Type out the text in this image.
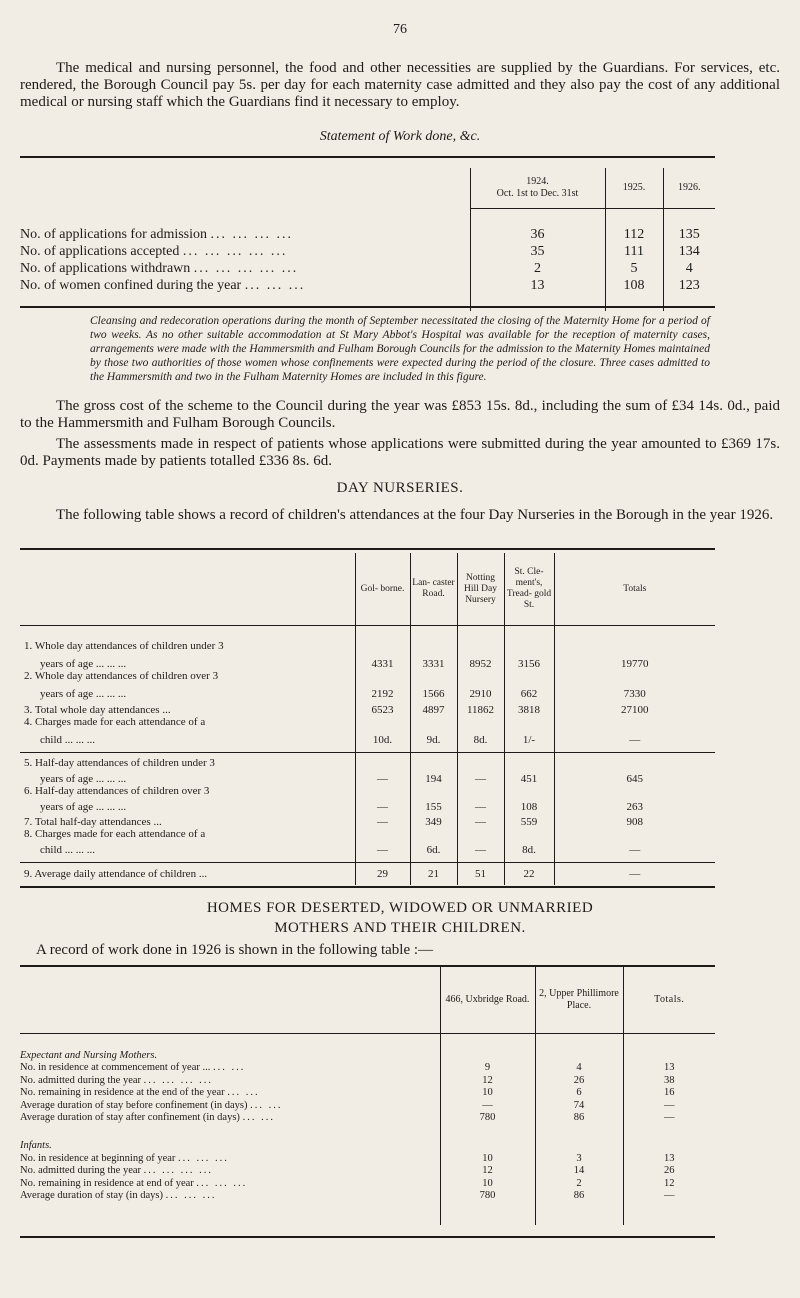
76
The medical and nursing personnel, the food and other necessities are supplied by the Guardians. For services, etc. rendered, the Borough Council pay 5s. per day for each maternity case admitted and they also pay the cost of any additional medical or nursing staff which the Guardians find it necessary to employ.
Statement of Work done, &c.

	1924.
Oct. 1st to Dec. 31st	1925.	1926.

No. of applications for admission ... ... ... ...	36	112	135
No. of applications accepted ... ... ... ... ...	35	111	134
No. of applications withdrawn ... ... ... ... ...	2	5	4
No. of women confined during the year ... ... ...	13	108	123

Cleansing and redecoration operations during the month of September necessitated the closing of the Maternity Home for a period of two weeks. As no other suitable accommodation at St Mary Abbot's Hospital was available for the reception of maternity cases, arrangements were made with the Hammersmith and Fulham Borough Councils for the admission to the Maternity Homes maintained by those two authorities of those women whose confinements were expected during the period of the closure. Three cases admitted to the Hammersmith and two in the Fulham Maternity Homes are included in this figure.
The gross cost of the scheme to the Council during the year was £853 15s. 8d., including the sum of £34 14s. 0d., paid to the Hammersmith and Fulham Borough Councils.
The assessments made in respect of patients whose applications were submitted during the year amounted to £369 17s. 0d. Payments made by patients totalled £336 8s. 6d.
DAY NURSERIES.
The following table shows a record of children's attendances at the four Day Nurseries in the Borough in the year 1926.
	Gol- borne.	Lan- caster Road.	Notting Hill Day Nursery	St. Cle- ment's, Tread- gold St.	Totals

1. Whole day attendances of children under 3					
years of age ... ... ...	4331	3331	8952	3156	19770
2. Whole day attendances of children over 3					
years of age ... ... ...	2192	1566	2910	662	7330
3. Total whole day attendances ...	6523	4897	11862	3818	27100
4. Charges made for each attendance of a					
child ... ... ...	10d.	9d.	8d.	1/-	—

5. Half-day attendances of children under 3					
years of age ... ... ...	—	194	—	451	645
6. Half-day attendances of children over 3					
years of age ... ... ...	—	155	—	108	263
7. Total half-day attendances ...	—	349	—	559	908
8. Charges made for each attendance of a					
child ... ... ...	—	6d.	—	8d.	—

9. Average daily attendance of children ...	29	21	51	22	—
HOMES FOR DESERTED, WIDOWED OR UNMARRIED
MOTHERS AND THEIR CHILDREN.
A record of work done in 1926 is shown in the following table :—
	466, Uxbridge Road.	2, Upper Phillimore Place.	Totals.

Expectant and Nursing Mothers.			
No. in residence at commencement of year ... ... ...	9	4	13
No. admitted during the year ... ... ... ...	12	26	38
No. remaining in residence at the end of the year ... ...	10	6	16
Average duration of stay before confinement (in days) ... ...	—	74	—
Average duration of stay after confinement (in days) ... ...	780	86	—

Infants.			
No. in residence at beginning of year ... ... ...	10	3	13
No. admitted during the year ... ... ... ...	12	14	26
No. remaining in residence at end of year ... ... ...	10	2	12
Average duration of stay (in days) ... ... ...	780	86	—
